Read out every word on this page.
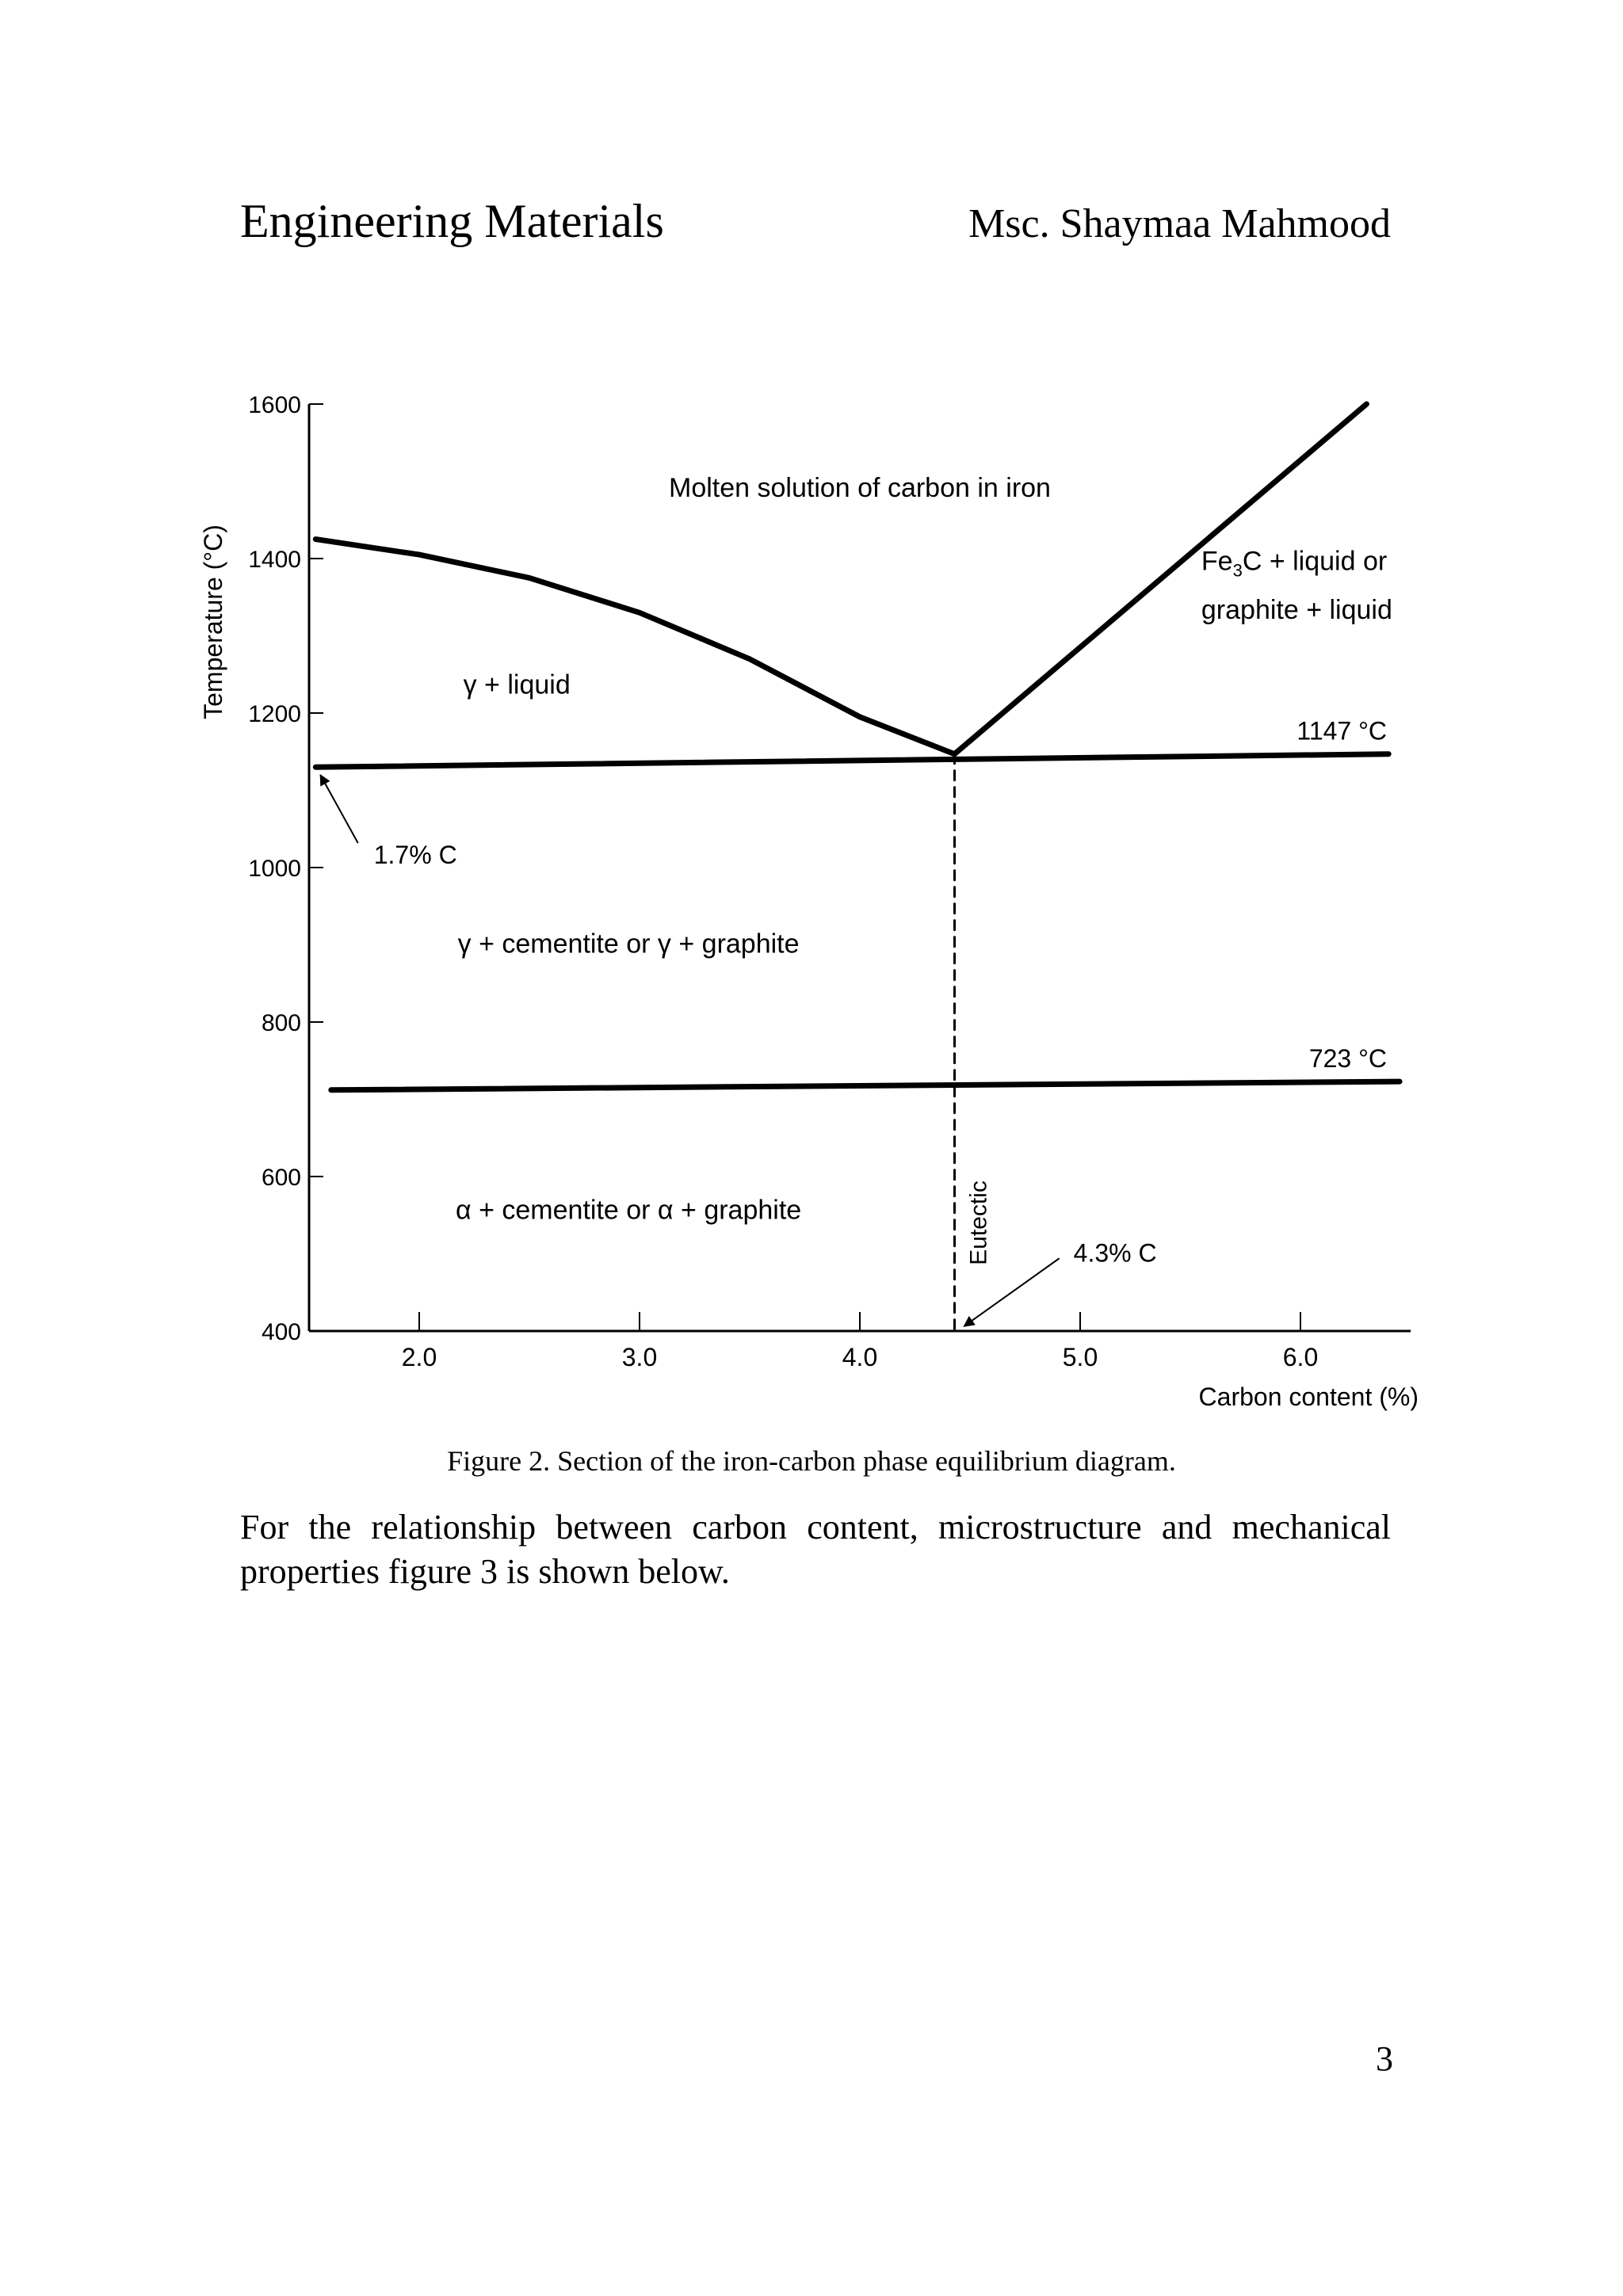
Engineering Materials	Msc. Shaymaa Mahmood
400
600
800
1000
1200
1400
1600
2.0	3.0	4.0	5.0	6.0
Temperature (°C)
Carbon content (%)
Molten solution of carbon in iron
γ + liquid
γ + cementite or γ + graphite
α + cementite or α + graphite
$Fe_3C$ + liquid or
graphite + liquid
1147 °C
723 °C
1.7% C
4.3% C
Eutectic
Figure 2. Section of the iron-carbon phase equilibrium diagram.
For the relationship between carbon content, microstructure and mechanical properties figure 3 is shown below.
3
